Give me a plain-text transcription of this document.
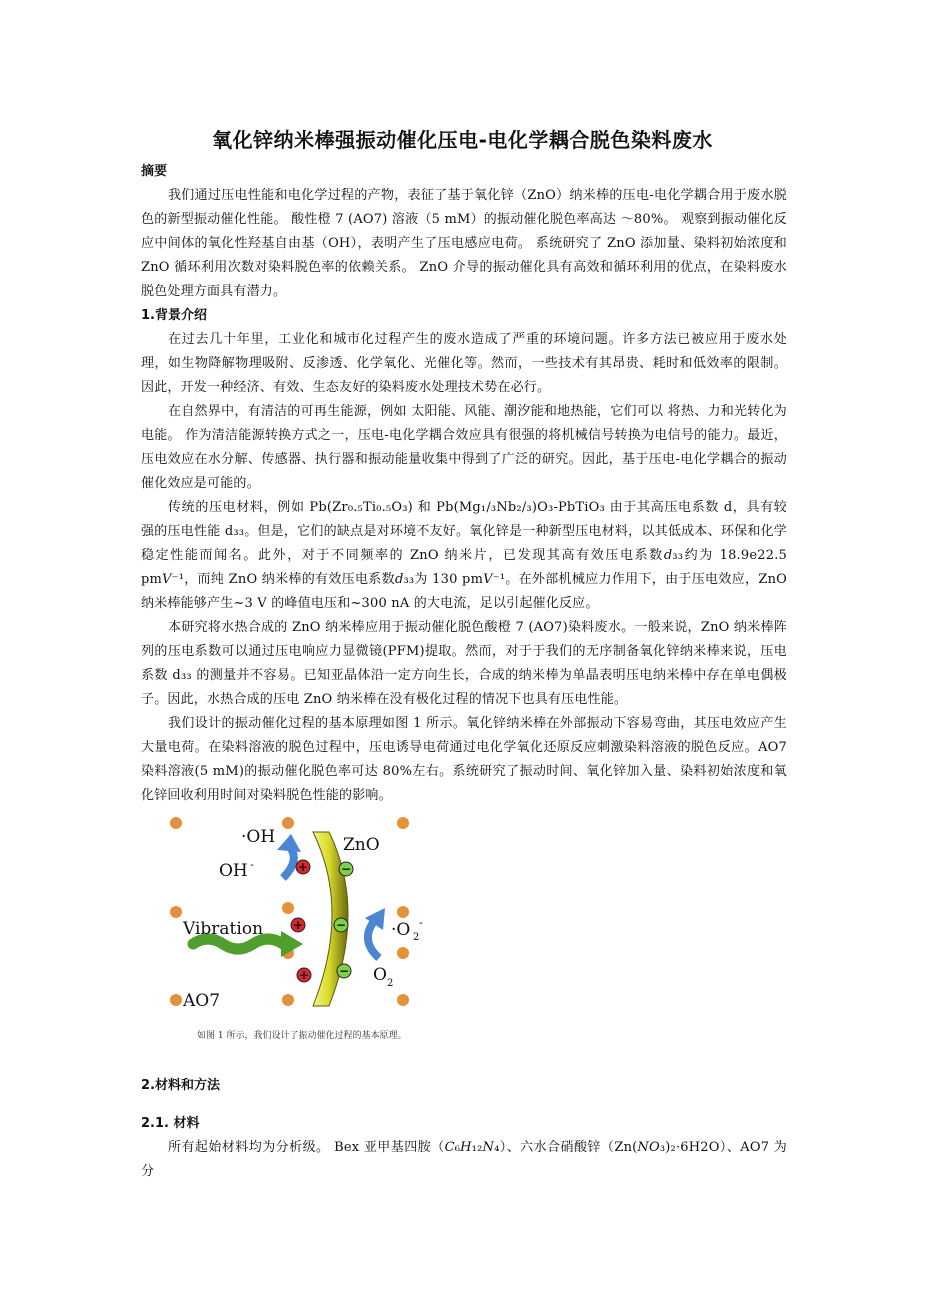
氧化锌纳米棒强振动催化压电-电化学耦合脱色染料废水
摘要

我们通过压电性能和电化学过程的产物，表征了基于氧化锌（ZnO）纳米棒的压电-电化学耦合用于废水脱色的新型振动催化性能。 酸性橙 7 (AO7) 溶液（5 mM）的振动催化脱色率高达 ～80%。 观察到振动催化反应中间体的氧化性羟基自由基（OH），表明产生了压电感应电荷。 系统研究了 ZnO 添加量、染料初始浓度和 ZnO 循环利用次数对染料脱色率的依赖关系。 ZnO 介导的振动催化具有高效和循环利用的优点，在染料废水脱色处理方面具有潜力。

1.背景介绍

在过去几十年里，工业化和城市化过程产生的废水造成了严重的环境问题。许多方法已被应用于废水处理，如生物降解物理吸附、反渗透、化学氧化、光催化等。然而，一些技术有其昂贵、耗时和低效率的限制。因此，开发一种经济、有效、生态友好的染料废水处理技术势在必行。

在自然界中，有清洁的可再生能源，例如 太阳能、风能、潮汐能和地热能，它们可以 将热、力和光转化为电能。 作为清洁能源转换方式之一，压电-电化学耦合效应具有很强的将机械信号转换为电信号的能力。最近，压电效应在水分解、传感器、执行器和振动能量收集中得到了广泛的研究。因此，基于压电-电化学耦合的振动催化效应是可能的。

传统的压电材料，例如 Pb(Zr₀.₅Ti₀.₅O₃) 和 Pb(Mg₁/₃Nb₂/₃)O₃-PbTiO₃ 由于其高压电系数 d，具有较强的压电性能 d₃₃。但是，它们的缺点是对环境不友好。氧化锌是一种新型压电材料，以其低成本、环保和化学稳定性能而闻名。此外，对于不同频率的 ZnO 纳米片，已发现其高有效压电系数𝑑₃₃约为 18.9e22.5 pm𝑉⁻¹，而纯 ZnO 纳米棒的有效压电系数𝑑₃₃为 130 pm𝑉⁻¹。在外部机械应力作用下，由于压电效应，ZnO 纳米棒能够产生~3 V 的峰值电压和~300 nA 的大电流，足以引起催化反应。

本研究将水热合成的 ZnO 纳米棒应用于振动催化脱色酸橙 7 (AO7)染料废水。一般来说，ZnO 纳米棒阵列的压电系数可以通过压电响应力显微镜(PFM)提取。然而，对于于我们的无序制备氧化锌纳米棒来说，压电系数 d₃₃ 的测量并不容易。已知亚晶体沿一定方向生长，合成的纳米棒为单晶表明压电纳米棒中存在单电偶极子。因此，水热合成的压电 ZnO 纳米棒在没有极化过程的情况下也具有压电性能。

我们设计的振动催化过程的基本原理如图 1 所示。氧化锌纳米棒在外部振动下容易弯曲，其压电效应产生大量电荷。在染料溶液的脱色过程中，压电诱导电荷通过电化学氧化还原反应刺激染料溶液的脱色反应。AO7 染料溶液(5 mM)的振动催化脱色率可达 80%左右。系统研究了振动时间、氧化锌加入量、染料初始浓度和氧化锌回收利用时间对染料脱色性能的影响。

+	−
+	−
+ −
·OH
OH -
ZnO
Vibration	·O 2
-
O 2
AO7
如图 1 所示，我们设计了振动催化过程的基本原理。
2.材料和方法
2.1. 材料

所有起始材料均为分析级。 Bex 亚甲基四胺（𝐶₆𝐻₁₂𝑁₄）、六水合硝酸锌（Zn(𝑁𝑂₃)₂·6H2O）、AO7 为分
